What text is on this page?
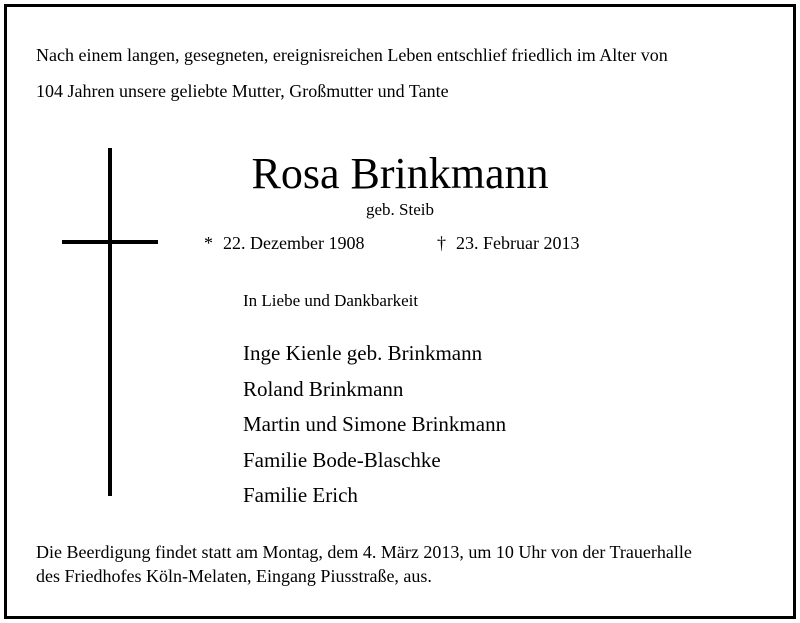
Nach einem langen, gesegneten, ereignisreichen Leben entschlief friedlich im Alter von
104 Jahren unsere geliebte Mutter, Großmutter und Tante
Rosa Brinkmann
geb. Steib
* 22. Dezember 1908	† 23. Februar 2013
In Liebe und Dankbarkeit
Inge Kienle geb. Brinkmann
Roland Brinkmann
Martin und Simone Brinkmann
Familie Bode-Blaschke
Familie Erich
Die Beerdigung findet statt am Montag, dem 4. März 2013, um 10 Uhr von der Trauerhalle
des Friedhofes Köln-Melaten, Eingang Piusstraße, aus.
